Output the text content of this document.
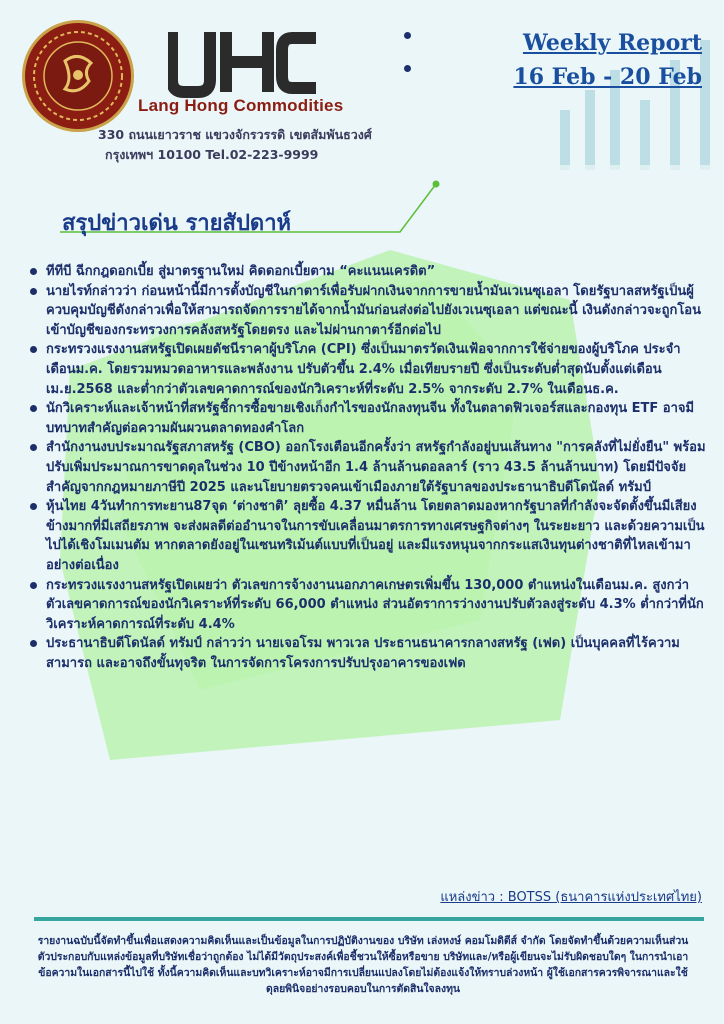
Lang Hong Commodities
330 ถนนเยาวราช แขวงจักรวรรดิ เขตสัมพันธวงศ์
กรุงเทพฯ 10100 Tel.02-223-9999
Weekly Report
16 Feb - 20 Feb
สรุปข่าวเด่น รายสัปดาห์
ทีทีบี ฉีกกฎดอกเบี้ย สู่มาตรฐานใหม่ คิดดอกเบี้ยตาม “คะแนนเครดิต”
นายไรท์กล่าวว่า ก่อนหน้านี้มีการตั้งบัญชีในกาตาร์เพื่อรับฝากเงินจากการขายน้ำมันเวเนซุเอลา โดยรัฐบาลสหรัฐเป็นผู้ควบคุมบัญชีดังกล่าวเพื่อให้สามารถจัดการรายได้จากน้ำมันก่อนส่งต่อไปยังเวเนซุเอลา แต่ขณะนี้ เงินดังกล่าวจะถูกโอนเข้าบัญชีของกระทรวงการคลังสหรัฐโดยตรง และไม่ผ่านกาตาร์อีกต่อไป
กระทรวงแรงงานสหรัฐเปิดเผยดัชนีราคาผู้บริโภค (CPI) ซึ่งเป็นมาตรวัดเงินเฟ้อจากการใช้จ่ายของผู้บริโภค ประจำเดือนม.ค. โดยรวมหมวดอาหารและพลังงาน ปรับตัวขึ้น 2.4% เมื่อเทียบรายปี ซึ่งเป็นระดับต่ำสุดนับตั้งแต่เดือนเม.ย.2568 และต่ำกว่าตัวเลขคาดการณ์ของนักวิเคราะห์ที่ระดับ 2.5% จากระดับ 2.7% ในเดือนธ.ค.
นักวิเคราะห์และเจ้าหน้าที่สหรัฐชี้การซื้อขายเชิงเก็งกำไรของนักลงทุนจีน ทั้งในตลาดฟิวเจอร์สและกองทุน ETF อาจมีบทบาทสำคัญต่อความผันผวนตลาดทองคำโลก
สำนักงานงบประมาณรัฐสภาสหรัฐ (CBO) ออกโรงเตือนอีกครั้งว่า สหรัฐกำลังอยู่บนเส้นทาง "การคลังที่ไม่ยั่งยืน" พร้อมปรับเพิ่มประมาณการขาดดุลในช่วง 10 ปีข้างหน้าอีก 1.4 ล้านล้านดอลลาร์ (ราว 43.5 ล้านล้านบาท) โดยมีปัจจัยสำคัญจากกฎหมายภาษีปี 2025 และนโยบายตรวจคนเข้าเมืองภายใต้รัฐบาลของประธานาธิบดีโดนัลด์ ทรัมป์
หุ้นไทย 4วันทำการทะยาน87จุด ‘ต่างชาติ’ ลุยซื้อ 4.37 หมื่นล้าน โดยตลาดมองหากรัฐบาลที่กำลังจะจัดตั้งขึ้นมีเสียงข้างมากที่มีเสถียรภาพ จะส่งผลดีต่ออำนาจในการขับเคลื่อนมาตรการทางเศรษฐกิจต่างๆ ในระยะยาว และด้วยความเป็นไปได้เชิงโมเมนตัม หากตลาดยังอยู่ในเซนทริเม้นต์แบบที่เป็นอยู่ และมีแรงหนุนจากกระแสเงินทุนต่างชาติที่ไหลเข้ามาอย่างต่อเนื่อง
กระทรวงแรงงานสหรัฐเปิดเผยว่า ตัวเลขการจ้างงานนอกภาคเกษตรเพิ่มขึ้น 130,000 ตำแหน่งในเดือนม.ค. สูงกว่าตัวเลขคาดการณ์ของนักวิเคราะห์ที่ระดับ 66,000 ตำแหน่ง ส่วนอัตราการว่างงานปรับตัวลงสู่ระดับ 4.3% ต่ำกว่าที่นักวิเคราะห์คาดการณ์ที่ระดับ 4.4%
ประธานาธิบดีโดนัลด์ ทรัมป์ กล่าวว่า นายเจอโรม พาวเวล ประธานธนาคารกลางสหรัฐ (เฟด) เป็นบุคคลที่ไร้ความสามารถ และอาจถึงขั้นทุจริต ในการจัดการโครงการปรับปรุงอาคารของเฟด
แหล่งข่าว : BOTSS (ธนาคารแห่งประเทศไทย)
รายงานฉบับนี้จัดทำขึ้นเพื่อแสดงความคิดเห็นและเป็นข้อมูลในการปฏิบัติงานของ บริษัท เล่งหงษ์ คอมโมดิตีส์ จำกัด โดยจัดทำขึ้นด้วยความเห็นส่วนตัวประกอบกับแหล่งข้อมูลที่บริษัทเชื่อว่าถูกต้อง ไม่ได้มีวัตถุประสงค์เพื่อชี้ชวนให้ซื้อหรือขาย บริษัทและ/หรือผู้เขียนจะไม่รับผิดชอบใดๆ ในการนำเอาข้อความในเอกสารนี้ไปใช้ ทั้งนี้ความคิดเห็นและบทวิเคราะห์อาจมีการเปลี่ยนแปลงโดยไม่ต้องแจ้งให้ทราบล่วงหน้า ผู้ใช้เอกสารควรพิจารณาและใช้ดุลยพินิจอย่างรอบคอบในการตัดสินใจลงทุน
